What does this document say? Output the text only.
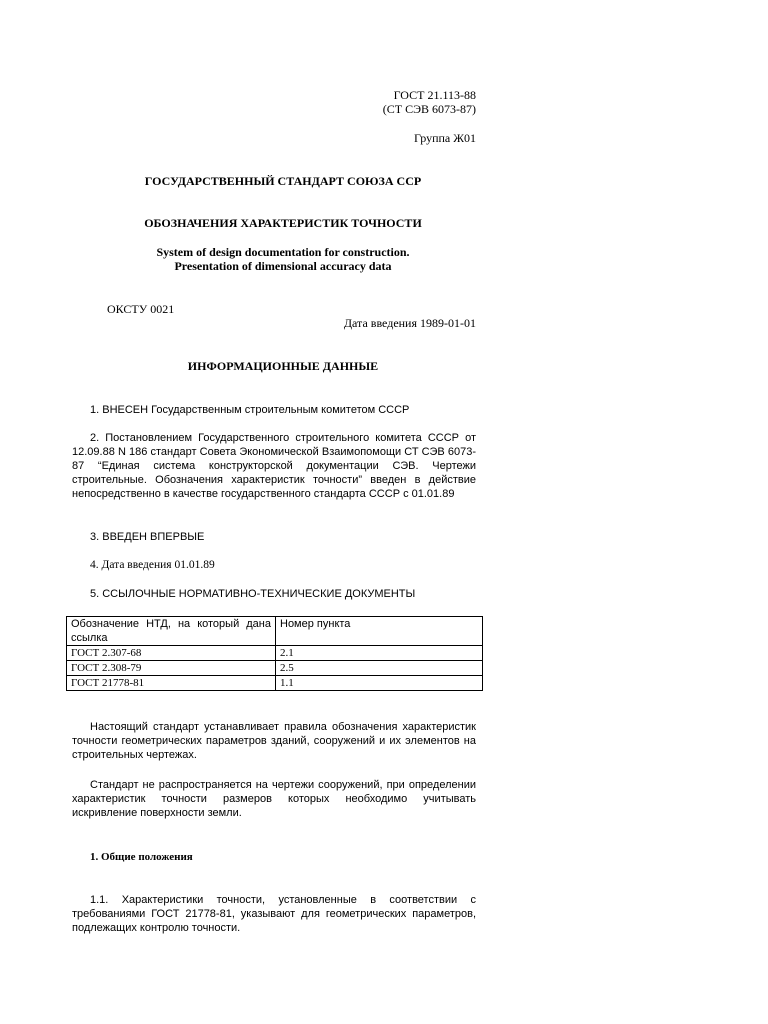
ГОСТ 21.113-88
(СТ СЭВ 6073-87)
Группа Ж01
ГОСУДАРСТВЕННЫЙ СТАНДАРТ СОЮЗА ССР
ОБОЗНАЧЕНИЯ ХАРАКТЕРИСТИК ТОЧНОСТИ
System of design documentation for construction.
Presentation of dimensional accuracy data
ОКСТУ 0021
Дата введения 1989-01-01
ИНФОРМАЦИОННЫЕ ДАННЫЕ
1. ВНЕСЕН Государственным строительным комитетом СССР
2. Постановлением Государственного строительного комитета СССР от 12.09.88 N 186 стандарт Совета Экономической Взаимопомощи СТ СЭВ 6073-87 “Единая система конструкторской документации СЭВ. Чертежи строительные. Обозначения характеристик точности” введен в действие непосредственно в качестве государственного стандарта СССР с 01.01.89
3. ВВЕДЕН ВПЕРВЫЕ
4. Дата введения 01.01.89
5. ССЫЛОЧНЫЕ НОРМАТИВНО-ТЕХНИЧЕСКИЕ ДОКУМЕНТЫ
Обозначение НТД, на который дана ссылка	Номер пункта
ГОСТ 2.307-68	2.1
ГОСТ 2.308-79	2.5
ГОСТ 21778-81	1.1
Настоящий стандарт устанавливает правила обозначения характеристик точности геометрических параметров зданий, сооружений и их элементов на строительных чертежах.
Стандарт не распространяется на чертежи сооружений, при определении характеристик точности размеров которых необходимо учитывать искривление поверхности земли.
1. Общие положения
1.1. Характеристики точности, установленные в соответствии с требованиями ГОСТ 21778-81, указывают для геометрических параметров, подлежащих контролю точности.
